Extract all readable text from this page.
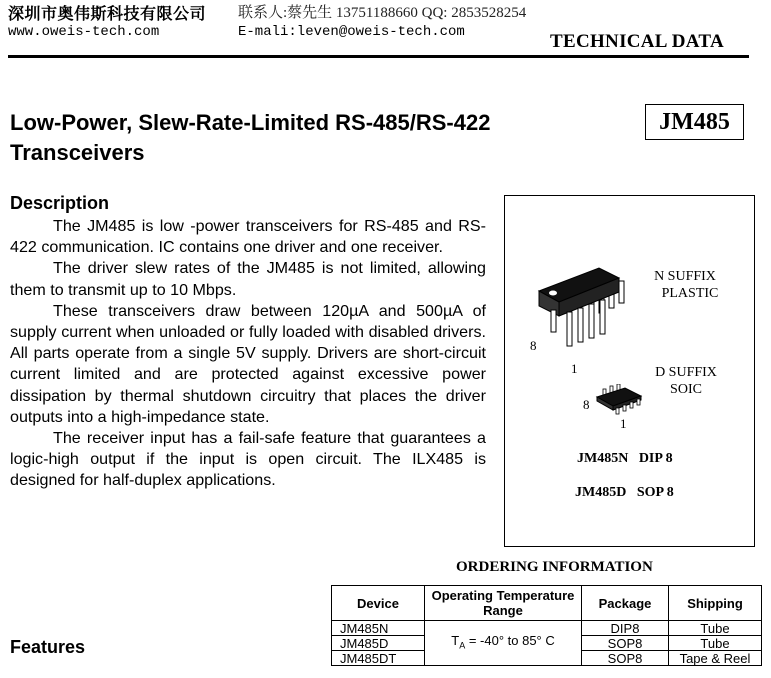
深圳市奥伟斯科技有限公司 联系人:蔡先生 13751188660 QQ: 2853528254
www.oweis-tech.com	E-mali:leven@oweis-tech.com	TECHNICAL DATA
Low-Power, Slew-Rate-Limited RS-485/RS-422
Transceivers
JM485
Description

The JM485 is low -power transceivers for RS-485 and RS- 422 communication. IC contains one driver and one receiver.

The driver slew rates of the JM485 is not limited, allowing them to transmit up to 10 Mbps.

These transceivers draw between 120µA and 500µA of supply current when unloaded or fully loaded with disabled drivers. All parts operate from a single 5V supply. Drivers are short-circuit current limited and are protected against excessive power dissipation by thermal shutdown circuitry that places the driver outputs into a high-impedance state.

The receiver input has a fail-safe feature that guarantees a logic-high output if the input is open circuit. The ILX485 is designed for half-duplex applications.

8
1
N SUFFIX
PLASTIC
8
1
D SUFFIX
SOIC
JM485N   DIP 8
JM485D   SOP 8
ORDERING INFORMATION
Device	Operating Temperature Range	Package	Shipping
JM485N	$T_A = -40^\circ$ to 85° C	DIP8	Tube
JM485D		SOP8	Tube
JM485DT		SOP8	Tape & Reel
Features
